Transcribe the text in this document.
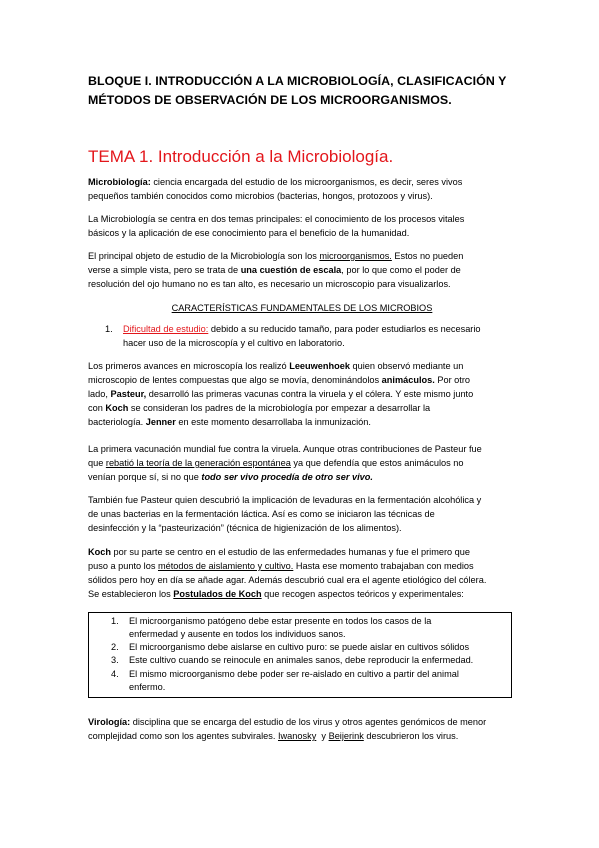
BLOQUE I. INTRODUCCIÓN A LA MICROBIOLOGÍA, CLASIFICACIÓN Y
MÉTODOS DE OBSERVACIÓN DE LOS MICROORGANISMOS.
TEMA 1. Introducción a la Microbiología.
Microbiología: ciencia encargada del estudio de los microorganismos, es decir, seres vivos
pequeños también conocidos como microbios (bacterias, hongos, protozoos y virus).
La Microbiología se centra en dos temas principales: el conocimiento de los procesos vitales
básicos y la aplicación de ese conocimiento para el beneficio de la humanidad.
El principal objeto de estudio de la Microbiología son los microorganismos. Estos no pueden
verse a simple vista, pero se trata de una cuestión de escala, por lo que como el poder de
resolución del ojo humano no es tan alto, es necesario un microscopio para visualizarlos.
CARACTERÍSTICAS FUNDAMENTALES DE LOS MICROBIOS
1. Dificultad de estudio: debido a su reducido tamaño, para poder estudiarlos es necesario
hacer uso de la microscopía y el cultivo en laboratorio.
Los primeros avances en microscopía los realizó Leeuwenhoek quien observó mediante un
microscopio de lentes compuestas que algo se movía, denominándolos animáculos. Por otro
lado, Pasteur, desarrolló las primeras vacunas contra la viruela y el cólera. Y este mismo junto
con Koch se consideran los padres de la microbiología por empezar a desarrollar la
bacteriología. Jenner en este momento desarrollaba la inmunización.
La primera vacunación mundial fue contra la viruela. Aunque otras contribuciones de Pasteur fue
que rebatió la teoría de la generación espontánea ya que defendía que estos animáculos no
venían porque sí, si no que todo ser vivo procedía de otro ser vivo.
También fue Pasteur quien descubrió la implicación de levaduras en la fermentación alcohólica y
de unas bacterias en la fermentación láctica. Así es como se iniciaron las técnicas de
desinfección y la “pasteurización” (técnica de higienización de los alimentos).
Koch por su parte se centro en el estudio de las enfermedades humanas y fue el primero que
puso a punto los métodos de aislamiento y cultivo. Hasta ese momento trabajaban con medios
sólidos pero hoy en día se añade agar. Además descubrió cual era el agente etiológico del cólera.
Se establecieron los Postulados de Koch que recogen aspectos teóricos y experimentales:
1. El microorganismo patógeno debe estar presente en todos los casos de la
enfermedad y ausente en todos los individuos sanos.
2. El microorganismo debe aislarse en cultivo puro: se puede aislar en cultivos sólidos
3. Este cultivo cuando se reinocule en animales sanos, debe reproducir la enfermedad.
4. El mismo microorganismo debe poder ser re-aislado en cultivo a partir del animal
enfermo.
Virología: disciplina que se encarga del estudio de los virus y otros agentes genómicos de menor
complejidad como son los agentes subvirales. Iwanosky  y Beijerink descubrieron los virus.
